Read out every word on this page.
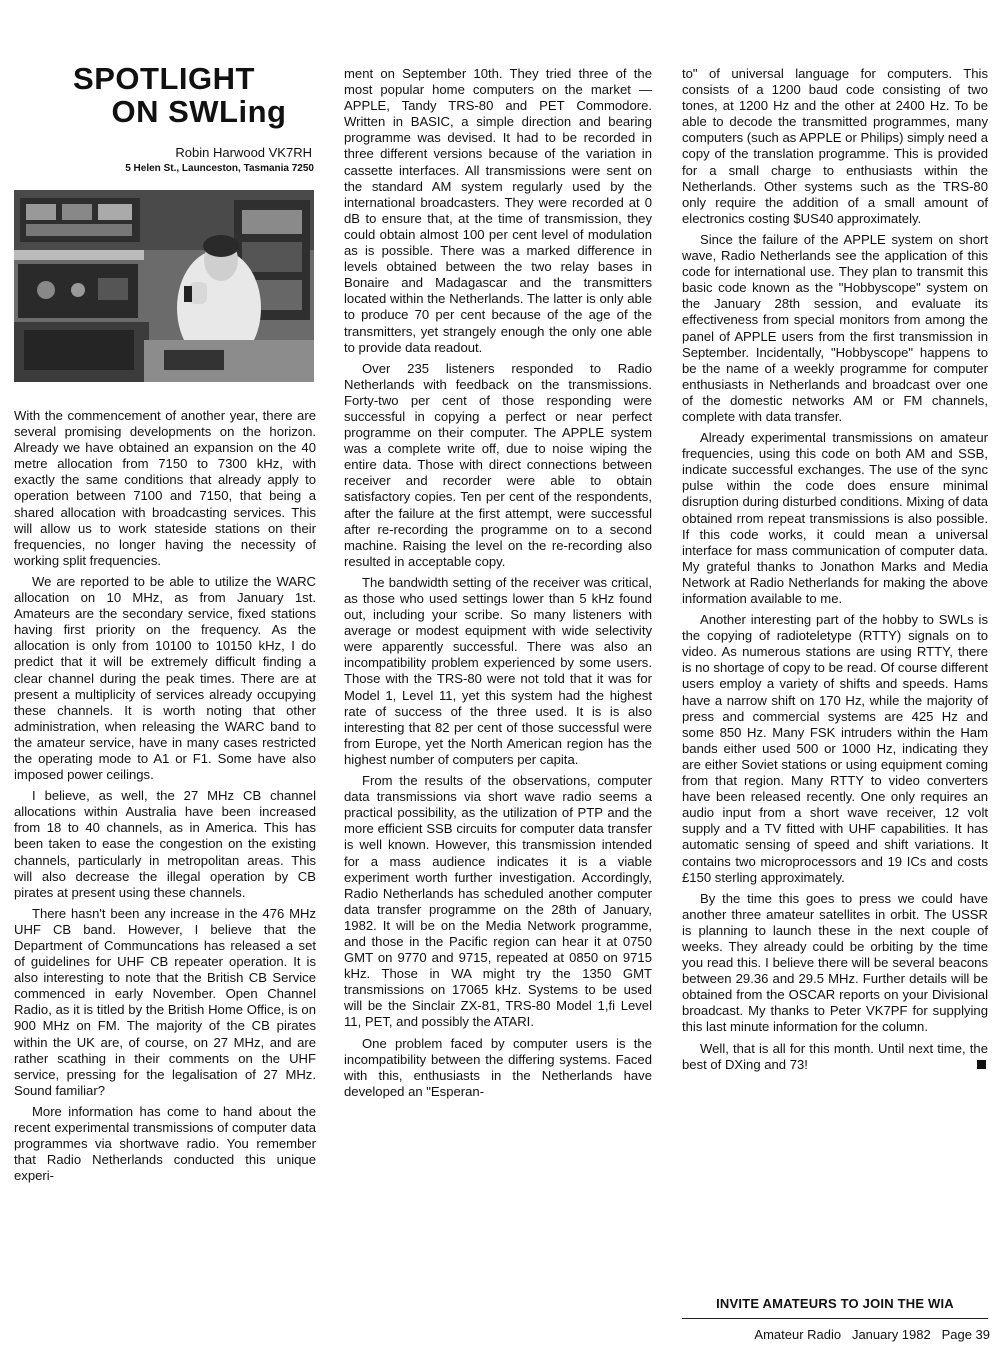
SPOTLIGHT
ON SWLing
Robin Harwood VK7RH
5 Helen St., Launceston, Tasmania 7250

With the commencement of another year, there are several promising developments on the horizon. Already we have obtained an expansion on the 40 metre allocation from 7150 to 7300 kHz, with exactly the same conditions that already apply to operation between 7100 and 7150, that being a shared allocation with broadcasting services. This will allow us to work stateside stations on their frequencies, no longer having the necessity of working split frequencies.

We are reported to be able to utilize the WARC allocation on 10 MHz, as from January 1st. Amateurs are the secondary service, fixed stations having first priority on the frequency. As the allocation is only from 10100 to 10150 kHz, I do predict that it will be extremely difficult finding a clear channel during the peak times. There are at present a multiplicity of services already occupying these channels. It is worth noting that other administration, when releasing the WARC band to the amateur service, have in many cases restricted the operating mode to A1 or F1. Some have also imposed power ceilings.

I believe, as well, the 27 MHz CB channel allocations within Australia have been increased from 18 to 40 channels, as in America. This has been taken to ease the congestion on the existing channels, particularly in metropolitan areas. This will also decrease the illegal operation by CB pirates at present using these channels.

There hasn't been any increase in the 476 MHz UHF CB band. However, I believe that the Department of Communcations has released a set of guidelines for UHF CB repeater operation. It is also interesting to note that the British CB Service commenced in early November. Open Channel Radio, as it is titled by the British Home Office, is on 900 MHz on FM. The majority of the CB pirates within the UK are, of course, on 27 MHz, and are rather scathing in their comments on the UHF service, pressing for the legalisation of 27 MHz. Sound familiar?

More information has come to hand about the recent experimental transmissions of computer data programmes via shortwave radio. You remember that Radio Netherlands conducted this unique experi-

ment on September 10th. They tried three of the most popular home computers on the market — APPLE, Tandy TRS-80 and PET Commodore. Written in BASIC, a simple direction and bearing programme was devised. It had to be recorded in three different versions because of the variation in cassette interfaces. All transmissions were sent on the standard AM system regularly used by the international broadcasters. They were recorded at 0 dB to ensure that, at the time of transmission, they could obtain almost 100 per cent level of modulation as is possible. There was a marked difference in levels obtained between the two relay bases in Bonaire and Madagascar and the transmitters located within the Netherlands. The latter is only able to produce 70 per cent because of the age of the transmitters, yet strangely enough the only one able to provide data readout.

Over 235 listeners responded to Radio Netherlands with feedback on the transmissions. Forty-two per cent of those responding were successful in copying a perfect or near perfect programme on their computer. The APPLE system was a complete write off, due to noise wiping the entire data. Those with direct connections between receiver and recorder were able to obtain satisfactory copies. Ten per cent of the respondents, after the failure at the first attempt, were successful after re-recording the programme on to a second machine. Raising the level on the re-recording also resulted in acceptable copy.

The bandwidth setting of the receiver was critical, as those who used settings lower than 5 kHz found out, including your scribe. So many listeners with average or modest equipment with wide selectivity were apparently successful. There was also an incompatibility problem experienced by some users. Those with the TRS-80 were not told that it was for Model 1, Level 11, yet this system had the highest rate of success of the three used. It is is also interesting that 82 per cent of those successful were from Europe, yet the North American region has the highest number of computers per capita.

From the results of the observations, computer data transmissions via short wave radio seems a practical possibility, as the utilization of PTP and the more efficient SSB circuits for computer data transfer is well known. However, this transmission intended for a mass audience indicates it is a viable experiment worth further investigation. Accordingly, Radio Netherlands has scheduled another computer data transfer programme on the 28th of January, 1982. It will be on the Media Network programme, and those in the Pacific region can hear it at 0750 GMT on 9770 and 9715, repeated at 0850 on 9715 kHz. Those in WA might try the 1350 GMT transmissions on 17065 kHz. Systems to be used will be the Sinclair ZX-81, TRS-80 Model 1,fi Level 11, PET, and possibly the ATARI.

One problem faced by computer users is the incompatibility between the differing systems. Faced with this, enthusiasts in the Netherlands have developed an "Esperan-

to" of universal language for computers. This consists of a 1200 baud code consisting of two tones, at 1200 Hz and the other at 2400 Hz. To be able to decode the transmitted programmes, many computers (such as APPLE or Philips) simply need a copy of the translation programme. This is provided for a small charge to enthusiasts within the Netherlands. Other systems such as the TRS-80 only require the addition of a small amount of electronics costing $US40 approximately.

Since the failure of the APPLE system on short wave, Radio Netherlands see the application of this code for international use. They plan to transmit this basic code known as the "Hobbyscope" system on the January 28th session, and evaluate its effectiveness from special monitors from among the panel of APPLE users from the first transmission in September. Incidentally, "Hobbyscope" happens to be the name of a weekly programme for computer enthusiasts in Netherlands and broadcast over one of the domestic networks AM or FM channels, complete with data transfer.

Already experimental transmissions on amateur frequencies, using this code on both AM and SSB, indicate successful exchanges. The use of the sync pulse within the code does ensure minimal disruption during disturbed conditions. Mixing of data obtained rrom repeat transmissions is also possible. If this code works, it could mean a universal interface for mass communication of computer data. My grateful thanks to Jonathon Marks and Media Network at Radio Netherlands for making the above information available to me.

Another interesting part of the hobby to SWLs is the copying of radioteletype (RTTY) signals on to video. As numerous stations are using RTTY, there is no shortage of copy to be read. Of course different users employ a variety of shifts and speeds. Hams have a narrow shift on 170 Hz, while the majority of press and commercial systems are 425 Hz and some 850 Hz. Many FSK intruders within the Ham bands either used 500 or 1000 Hz, indicating they are either Soviet stations or using equipment coming from that region. Many RTTY to video converters have been released recently. One only requires an audio input from a short wave receiver, 12 volt supply and a TV fitted with UHF capabilities. It has automatic sensing of speed and shift variations. It contains two microprocessors and 19 ICs and costs £150 sterling approximately.

By the time this goes to press we could have another three amateur satellites in orbit. The USSR is planning to launch these in the next couple of weeks. They already could be orbiting by the time you read this. I believe there will be several beacons between 29.36 and 29.5 MHz. Further details will be obtained from the OSCAR reports on your Divisional broadcast. My thanks to Peter VK7PF for supplying this last minute information for the column.

Well, that is all for this month. Until next time, the best of DXing and 73!

INVITE AMATEURS TO JOIN THE WIA
Amateur Radio   January 1982   Page 39
